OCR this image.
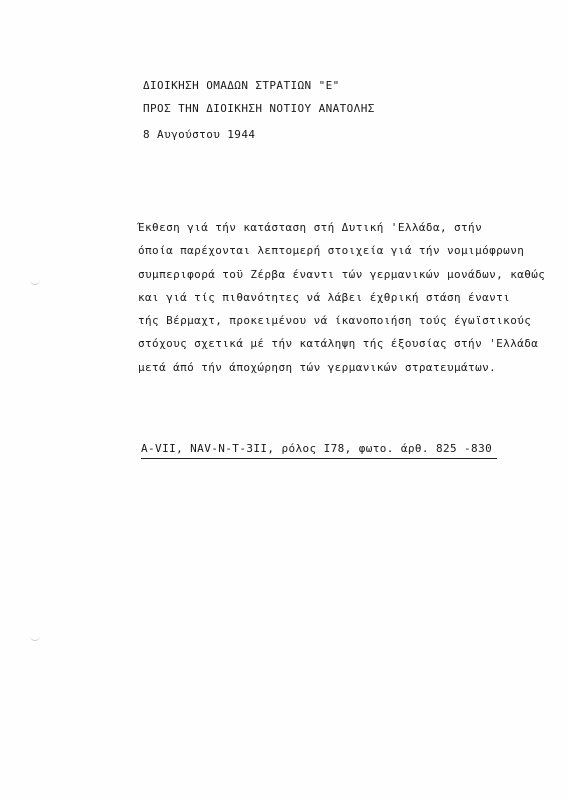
ΔΙΟΙΚΗΣΗ ΟΜΑΔΩΝ ΣΤΡΑΤΙΩΝ "Ε"
ΠΡΟΣ ΤΗΝ ΔΙΟΙΚΗΣΗ ΝΟΤΙΟΥ ΑΝΑΤΟΛΗΣ
8 Αυγούστου 1944
Έκθεση γιά τήν κατάσταση στή Δυτική 'Ελλάδα, στήν
όποία παρέχονται λεπτομερή στοιχεία γιά τήν νομιμόφρωνη
συμπεριφορά τοϋ Ζέρβα έναντι τών γερμανικών μονάδων, καθώς
και γιά τίς πιθανότητες νά λάβει έχθρική στάση έναντι
τής Βέρμαχτ, προκειμένου νά ίκανοποιήση τούς έγωϊστικούς
στόχους σχετικά μέ τήν κατάληψη τής έξουσίας στήν 'Ελλάδα
μετά άπό τήν άποχώρηση τών γερμανικών στρατευμάτων.
Α-VII, NAV-N-T-3II, ρόλος I78, φωτο. άρθ. 825 -830
